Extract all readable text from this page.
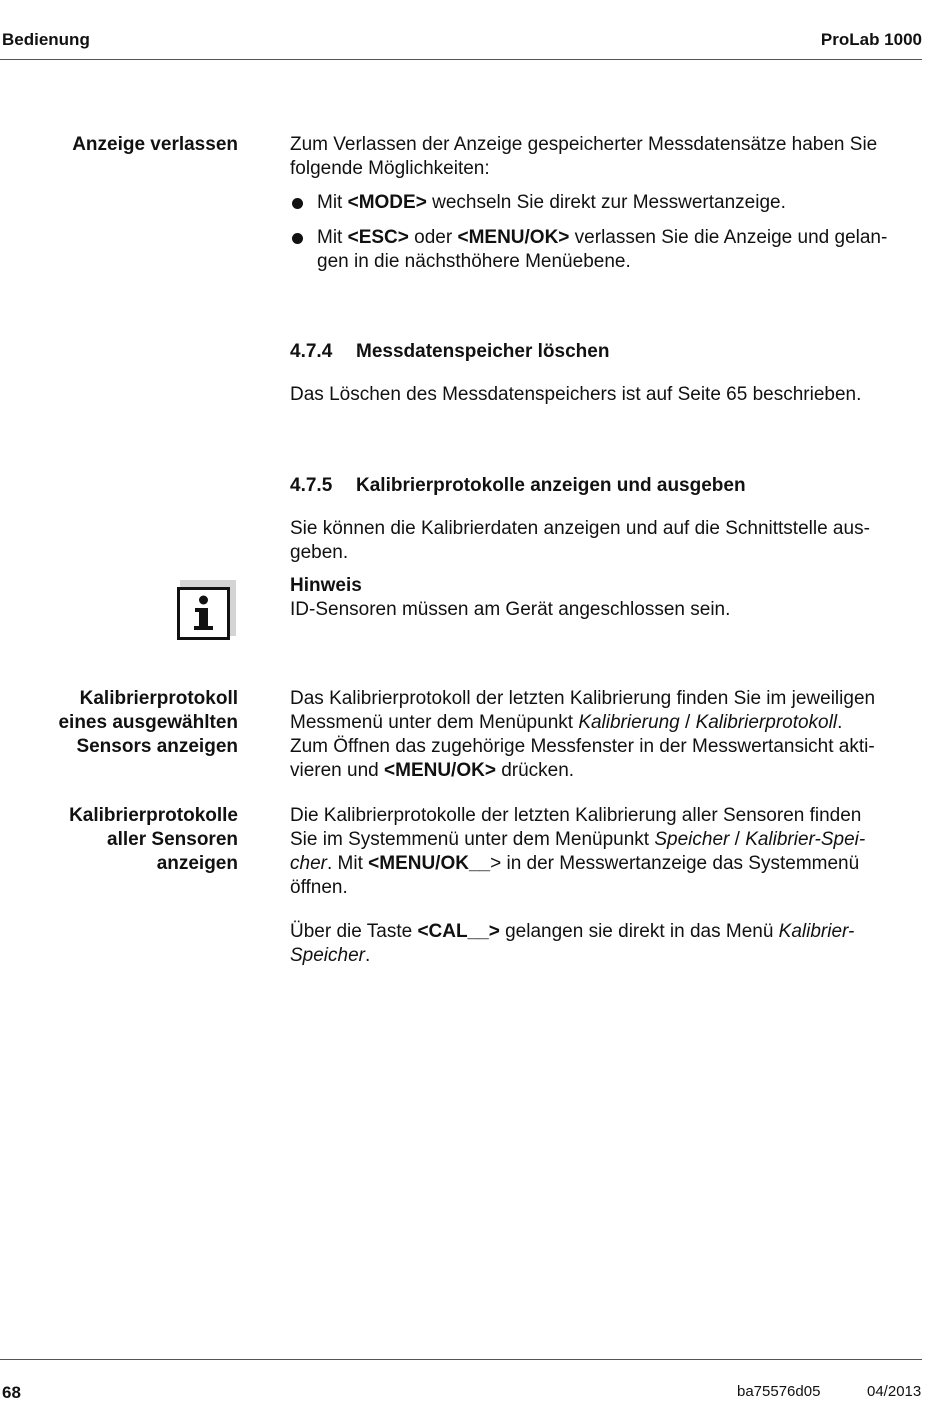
Bedienung	ProLab 1000
Anzeige verlassen	Zum Verlassen der Anzeige gespeicherter Messdatensätze haben Sie folgende Möglichkeiten:
Mit <MODE> wechseln Sie direkt zur Messwertanzeige.
Mit <ESC> oder <MENU/OK> verlassen Sie die Anzeige und gelan-
gen in die nächsthöhere Menüebene.
4.7.4 Messdatenspeicher löschen
Das Löschen des Messdatenspeichers ist auf Seite 65 beschrieben.
4.7.5 Kalibrierprotokolle anzeigen und ausgeben
Sie können die Kalibrierdaten anzeigen und auf die Schnittstelle aus-
geben.
Hinweis
ID-Sensoren müssen am Gerät angeschlossen sein.
Kalibrierprotokoll
eines ausgewählten
Sensors anzeigen
Das Kalibrierprotokoll der letzten Kalibrierung finden Sie im jeweiligen
Messmenü unter dem Menüpunkt Kalibrierung / Kalibrierprotokoll.
Zum Öffnen das zugehörige Messfenster in der Messwertansicht akti-
vieren und <MENU/OK> drücken.
Kalibrierprotokolle
aller Sensoren
anzeigen
Die Kalibrierprotokolle der letzten Kalibrierung aller Sensoren finden
Sie im Systemmenü unter dem Menüpunkt Speicher / Kalibrier-Spei-
cher. Mit <MENU/OK__> in der Messwertanzeige das Systemmenü
öffnen.
Über die Taste <CAL__> gelangen sie direkt in das Menü Kalibrier-
Speicher.
68	ba75576d05	04/2013
